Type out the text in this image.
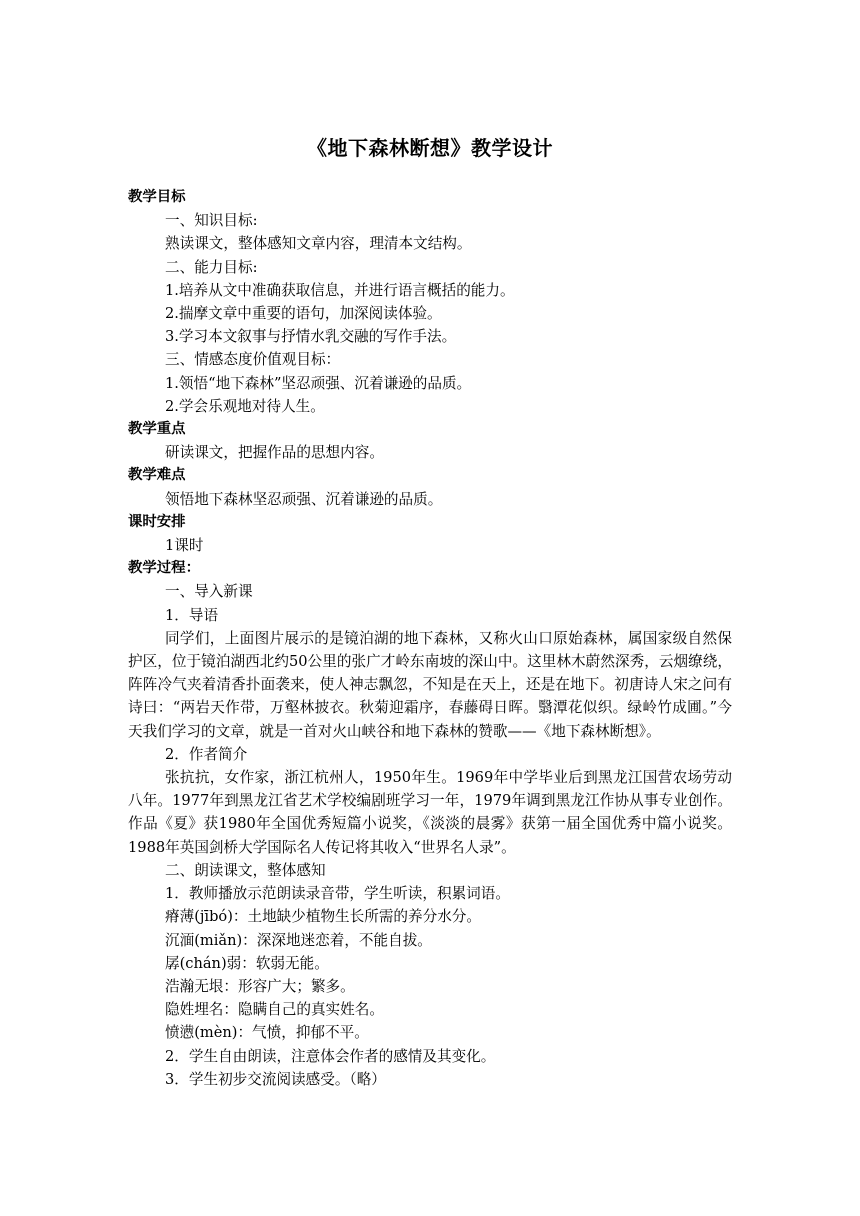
《地下森林断想》教学设计

教学目标

一、知识目标:

熟读课文，整体感知文章内容，理清本文结构。

二、能力目标:

1.培养从文中准确获取信息，并进行语言概括的能力。

2.揣摩文章中重要的语句，加深阅读体验。

3.学习本文叙事与抒情水乳交融的写作手法。

三、情感态度价值观目标：

1.领悟“地下森林”坚忍顽强、沉着谦逊的品质。

2.学会乐观地对待人生。

教学重点

研读课文，把握作品的思想内容。

教学难点

领悟地下森林坚忍顽强、沉着谦逊的品质。

课时安排

1课时

教学过程：

一、导入新课

1．导语

同学们，上面图片展示的是镜泊湖的地下森林，又称火山口原始森林，属国家级自然保护区，位于镜泊湖西北约50公里的张广才岭东南坡的深山中。这里林木蔚然深秀，云烟缭绕，阵阵冷气夹着清香扑面袭来，使人神志飘忽，不知是在天上，还是在地下。初唐诗人宋之问有诗曰：“两岩天作带，万壑林披衣。秋菊迎霜序，春藤碍日晖。翳潭花似织。绿岭竹成圃。”今天我们学习的文章，就是一首对火山峡谷和地下森林的赞歌——《地下森林断想》。

2．作者简介

张抗抗，女作家，浙江杭州人，1950年生。1969年中学毕业后到黑龙江国营农场劳动八年。1977年到黑龙江省艺术学校编剧班学习一年，1979年调到黑龙江作协从事专业创作。作品《夏》获1980年全国优秀短篇小说奖，《淡淡的晨雾》获第一届全国优秀中篇小说奖。1988年英国剑桥大学国际名人传记将其收入“世界名人录”。

二、朗读课文，整体感知

1．教师播放示范朗读录音带，学生听读，积累词语。

瘠薄(jībó)：土地缺少植物生长所需的养分水分。

沉湎(miǎn)：深深地迷恋着，不能自拔。

孱(chán)弱：软弱无能。

浩瀚无垠：形容广大；繁多。

隐姓埋名：隐瞒自己的真实姓名。

愤懑(mèn)：气愤，抑郁不平。

2．学生自由朗读，注意体会作者的感情及其变化。

3．学生初步交流阅读感受。（略）
